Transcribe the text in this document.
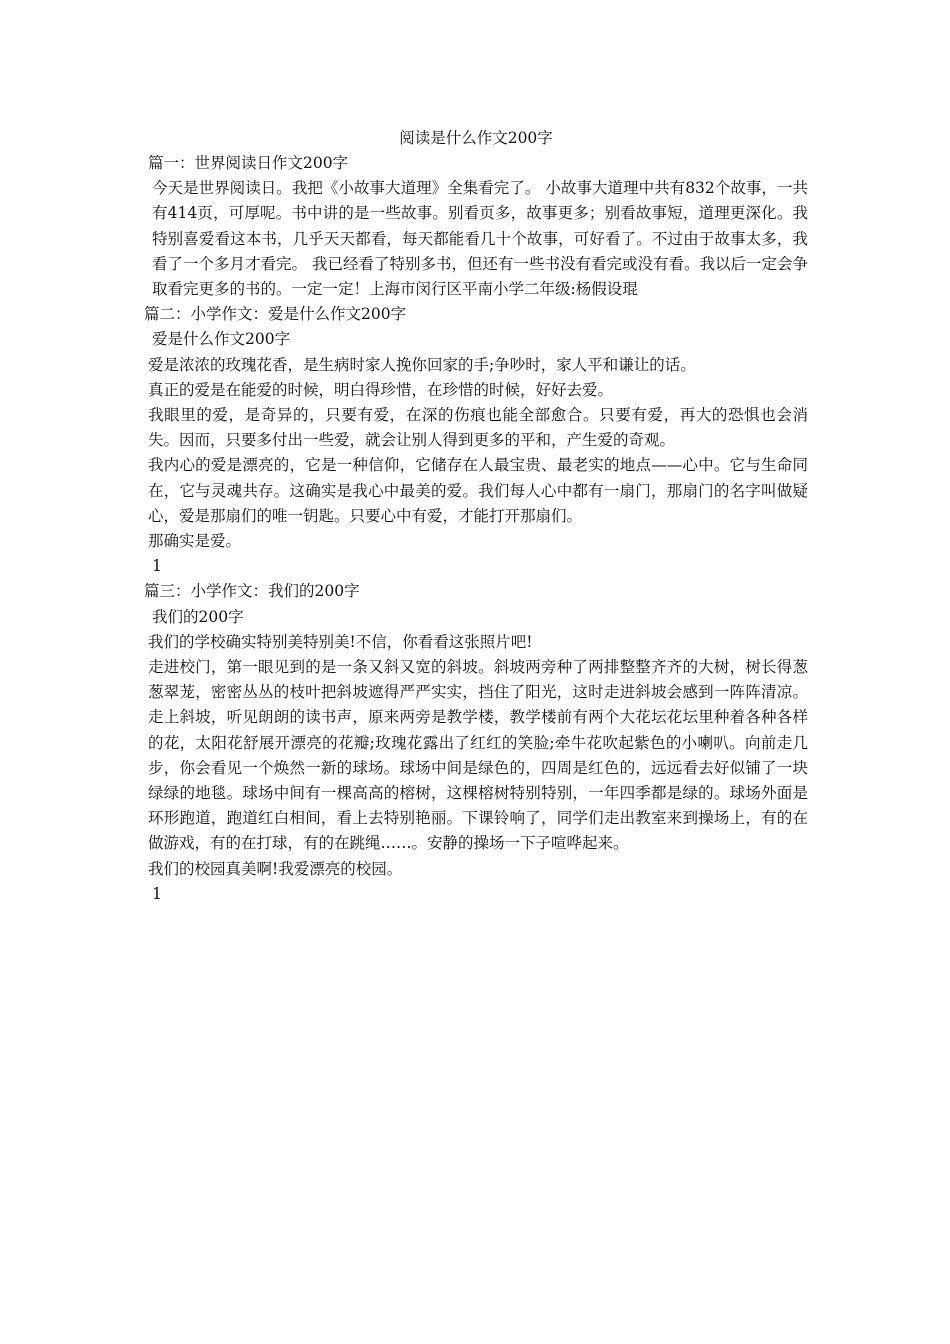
阅读是什么作文200字

篇一：世界阅读日作文200字

今天是世界阅读日。我把《小故事大道理》全集看完了。 小故事大道理中共有832个故事，一共有414页，可厚呢。书中讲的是一些故事。别看页多，故事更多；别看故事短，道理更深化。我特别喜爱看这本书，几乎天天都看，每天都能看几十个故事，可好看了。不过由于故事太多，我看了一个多月才看完。 我已经看了特别多书，但还有一些书没有看完或没有看。我以后一定会争取看完更多的书的。一定一定！上海市闵行区平南小学二年级:杨假设琨

篇二：小学作文：爱是什么作文200字

爱是什么作文200字

爱是浓浓的玫瑰花香，是生病时家人挽你回家的手;争吵时，家人平和谦让的话。

真正的爱是在能爱的时候，明白得珍惜，在珍惜的时候，好好去爱。

我眼里的爱，是奇异的，只要有爱，在深的伤痕也能全部愈合。只要有爱，再大的恐惧也会消失。因而，只要多付出一些爱，就会让别人得到更多的平和，产生爱的奇观。

我内心的爱是漂亮的，它是一种信仰，它储存在人最宝贵、最老实的地点——心中。它与生命同在，它与灵魂共存。这确实是我心中最美的爱。我们每人心中都有一扇门，那扇门的名字叫做疑心，爱是那扇们的唯一钥匙。只要心中有爱，才能打开那扇们。

那确实是爱。

1

篇三：小学作文：我们的200字

我们的200字

我们的学校确实特别美特别美!不信，你看看这张照片吧!

走进校门，第一眼见到的是一条又斜又宽的斜坡。斜坡两旁种了两排整整齐齐的大树，树长得葱葱翠茏，密密丛丛的枝叶把斜坡遮得严严实实，挡住了阳光，这时走进斜坡会感到一阵阵清凉。走上斜坡，听见朗朗的读书声，原来两旁是教学楼，教学楼前有两个大花坛花坛里种着各种各样的花，太阳花舒展开漂亮的花瓣;玫瑰花露出了红红的笑脸;牵牛花吹起紫色的小喇叭。向前走几步，你会看见一个焕然一新的球场。球场中间是绿色的，四周是红色的，远远看去好似铺了一块绿绿的地毯。球场中间有一棵高高的榕树，这棵榕树特别特别，一年四季都是绿的。球场外面是环形跑道，跑道红白相间，看上去特别艳丽。下课铃响了，同学们走出教室来到操场上，有的在做游戏，有的在打球，有的在跳绳……。安静的操场一下子喧哗起来。

我们的校园真美啊!我爱漂亮的校园。

1
